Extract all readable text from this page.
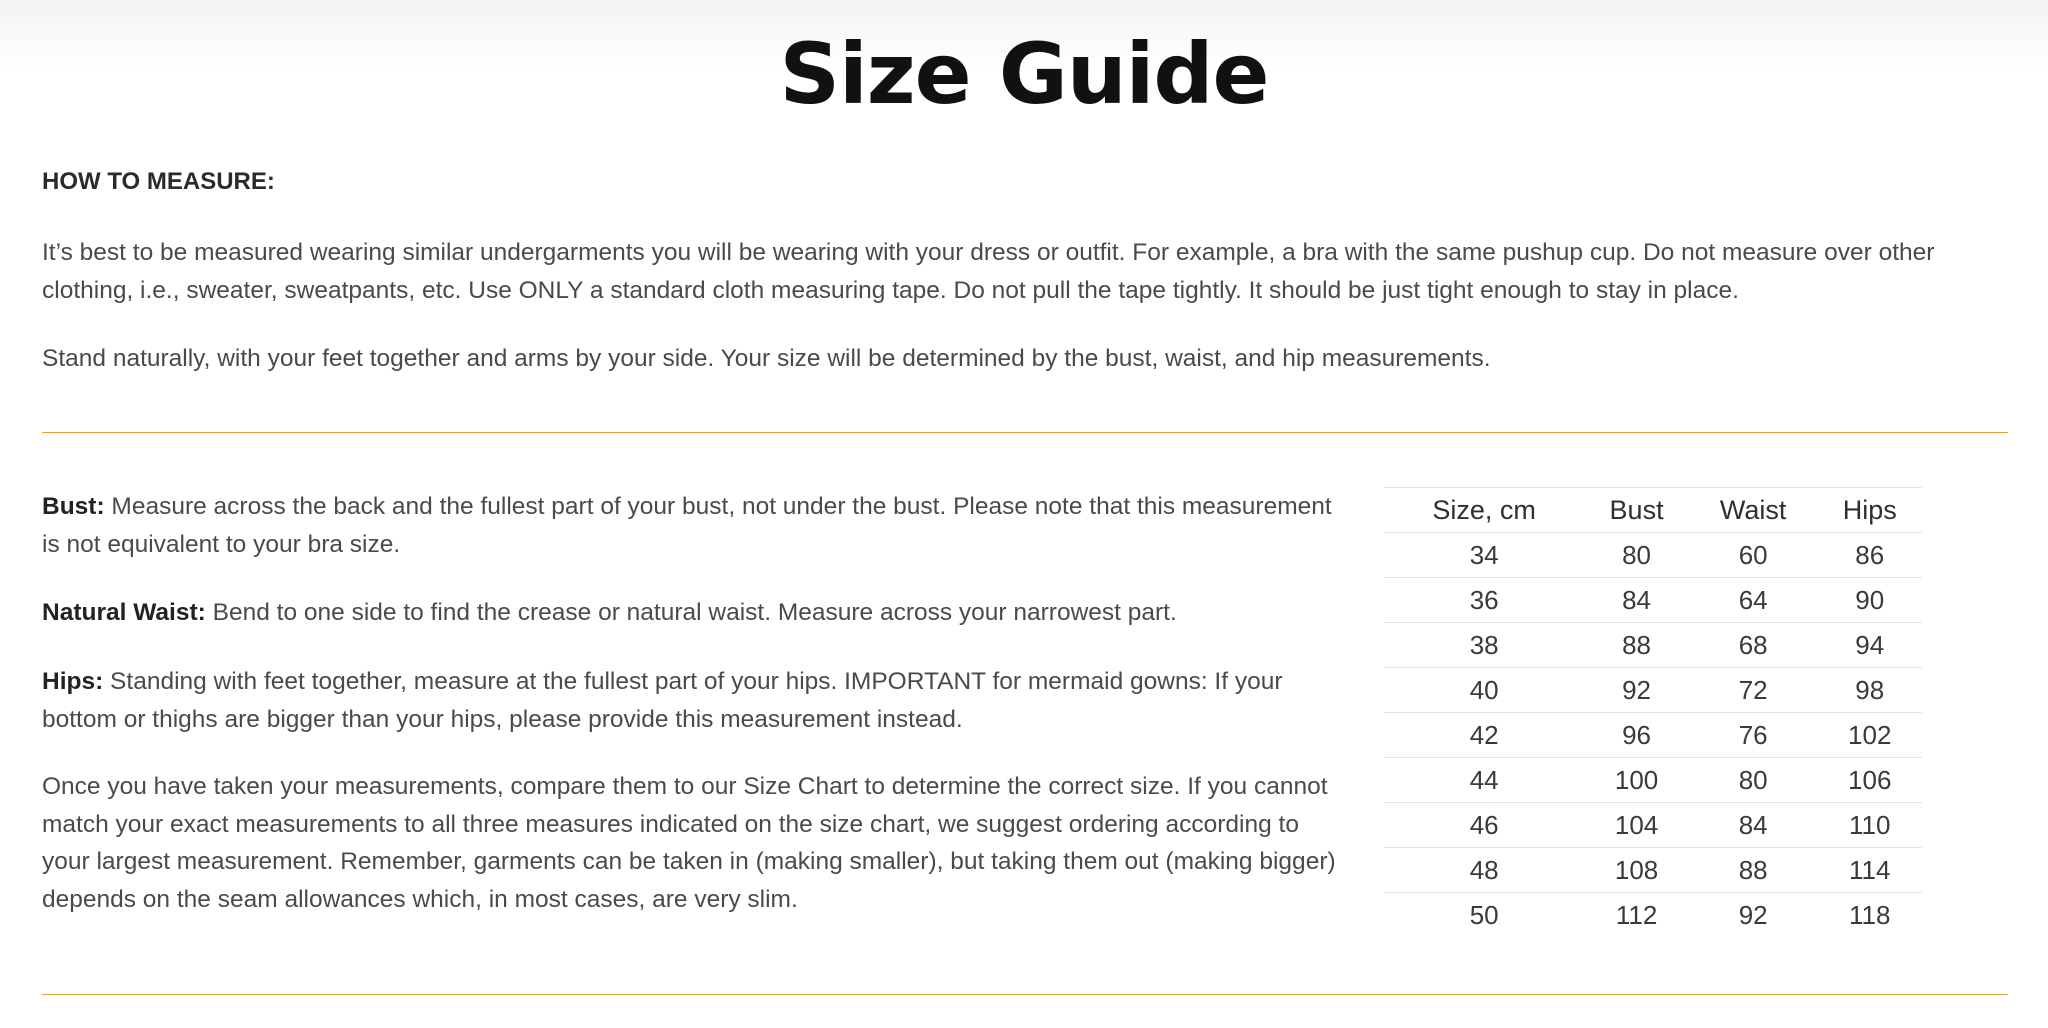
Size Guide
HOW TO MEASURE:

It’s best to be measured wearing similar undergarments you will be wearing with your dress or outfit. For example, a bra with the same pushup cup. Do not measure over other clothing, i.e., sweater, sweatpants, etc. Use ONLY a standard cloth measuring tape. Do not pull the tape tightly. It should be just tight enough to stay in place.

Stand naturally, with your feet together and arms by your side. Your size will be determined by the bust, waist, and hip measurements.

Bust: Measure across the back and the fullest part of your bust, not under the bust. Please note that this measurement is not equivalent to your bra size.

Natural Waist: Bend to one side to find the crease or natural waist. Measure across your narrowest part.

Hips: Standing with feet together, measure at the fullest part of your hips. IMPORTANT for mermaid gowns: If your bottom or thighs are bigger than your hips, please provide this measurement instead.

Once you have taken your measurements, compare them to our Size Chart to determine the correct size. If you cannot match your exact measurements to all three measures indicated on the size chart, we suggest ordering according to your largest measurement. Remember, garments can be taken in (making smaller), but taking them out (making bigger) depends on the seam allowances which, in most cases, are very slim.

Size, cm	Bust	Waist	Hips
34	80	60	86
36	84	64	90
38	88	68	94
40	92	72	98
42	96	76	102
44	100	80	106
46	104	84	110
48	108	88	114
50	112	92	118
